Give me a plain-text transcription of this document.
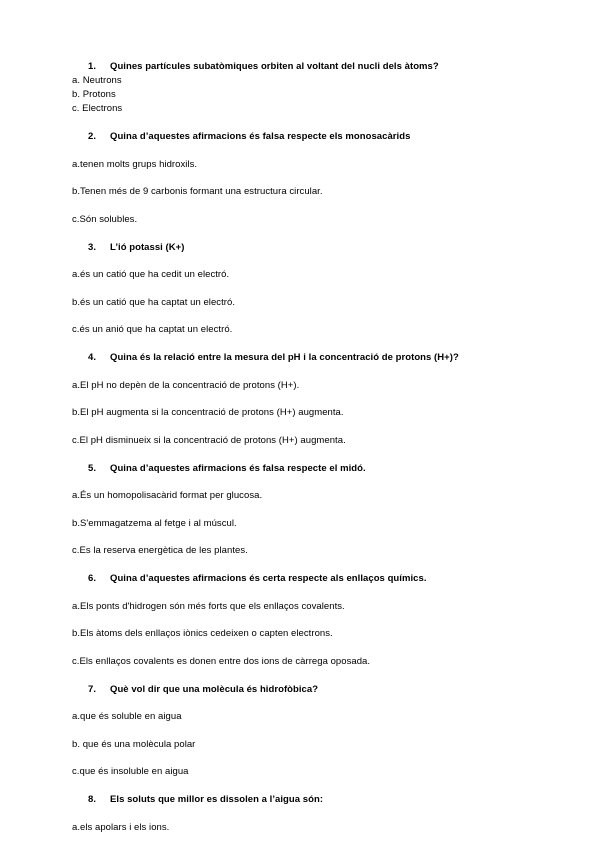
1.	Quines partícules subatòmiques orbiten al voltant del nucli dels àtoms?
a. Neutrons
b. Protons
c. Electrons
2.	Quina d’aquestes afirmacions és falsa respecte els monosacàrids
a.tenen molts grups hidroxils.
b.Tenen més de 9 carbonis formant una estructura circular.
c.Són solubles.
3.	L’ió potassi (K+)
a.és un catió que ha cedit un electró.
b.és un catió que ha captat un electró.
c.és un anió que ha captat un electró.
4.	Quina és la relació entre la mesura del pH i la concentració de protons (H+)?
a.El pH no depèn de la concentració de protons (H+).
b.El pH augmenta si la concentració de protons (H+) augmenta.
c.El pH disminueix si la concentració de protons (H+) augmenta.
5.	Quina d’aquestes afirmacions és falsa respecte el midó.
a.És un homopolisacàrid format per glucosa.
b.S'emmagatzema al fetge i al múscul.
c.Es la reserva energètica de les plantes.
6.	Quina d’aquestes afirmacions és certa respecte als enllaços químics.
a.Els ponts d'hidrogen són més forts que els enllaços covalents.
b.Els àtoms dels enllaços iònics cedeixen o capten electrons.
c.Els enllaços covalents es donen entre dos ions de càrrega oposada.
7.	Què vol dir que una molècula és hidrofòbica?
a.que és soluble en aigua
b. que és una molècula polar
c.que és insoluble en aigua
8.	Els soluts que millor es dissolen a l’aigua són:
a.els apolars i els ions.
